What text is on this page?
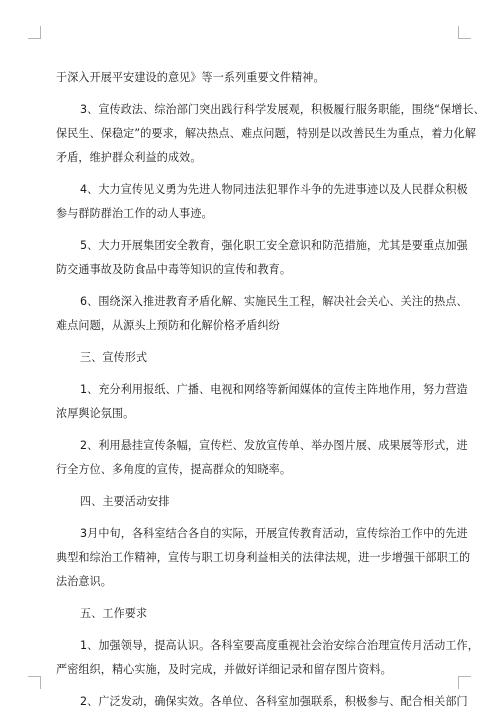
于深入开展平安建设的意见》等一系列重要文件精神。
3、宣传政法、综治部门突出践行科学发展观，积极履行服务职能，围绕“保增长、
保民生、保稳定”的要求，解决热点、难点问题，特别是以改善民生为重点，着力化解
矛盾，维护群众利益的成效。
4、大力宣传见义勇为先进人物同违法犯罪作斗争的先进事迹以及人民群众积极
参与群防群治工作的动人事迹。
5、大力开展集团安全教育，强化职工安全意识和防范措施，尤其是要重点加强
防交通事故及防食品中毒等知识的宣传和教育。
6、围绕深入推进教育矛盾化解、实施民生工程，解决社会关心、关注的热点、
难点问题，从源头上预防和化解价格矛盾纠纷
三、宣传形式
1、充分利用报纸、广播、电视和网络等新闻媒体的宣传主阵地作用，努力营造
浓厚舆论氛围。
2、利用悬挂宣传条幅，宣传栏、发放宣传单、举办图片展、成果展等形式，进
行全方位、多角度的宣传，提高群众的知晓率。
四、主要活动安排
3月中旬，各科室结合各自的实际，开展宣传教育活动，宣传综治工作中的先进
典型和综治工作精神，宣传与职工切身利益相关的法律法规，进一步增强干部职工的
法治意识。
五、工作要求
1、加强领导，提高认识。各科室要高度重视社会治安综合治理宣传月活动工作，
严密组织，精心实施，及时完成，并做好详细记录和留存图片资料。
2、广泛发动，确保实效。各单位、各科室加强联系，积极参与、配合相关部门
